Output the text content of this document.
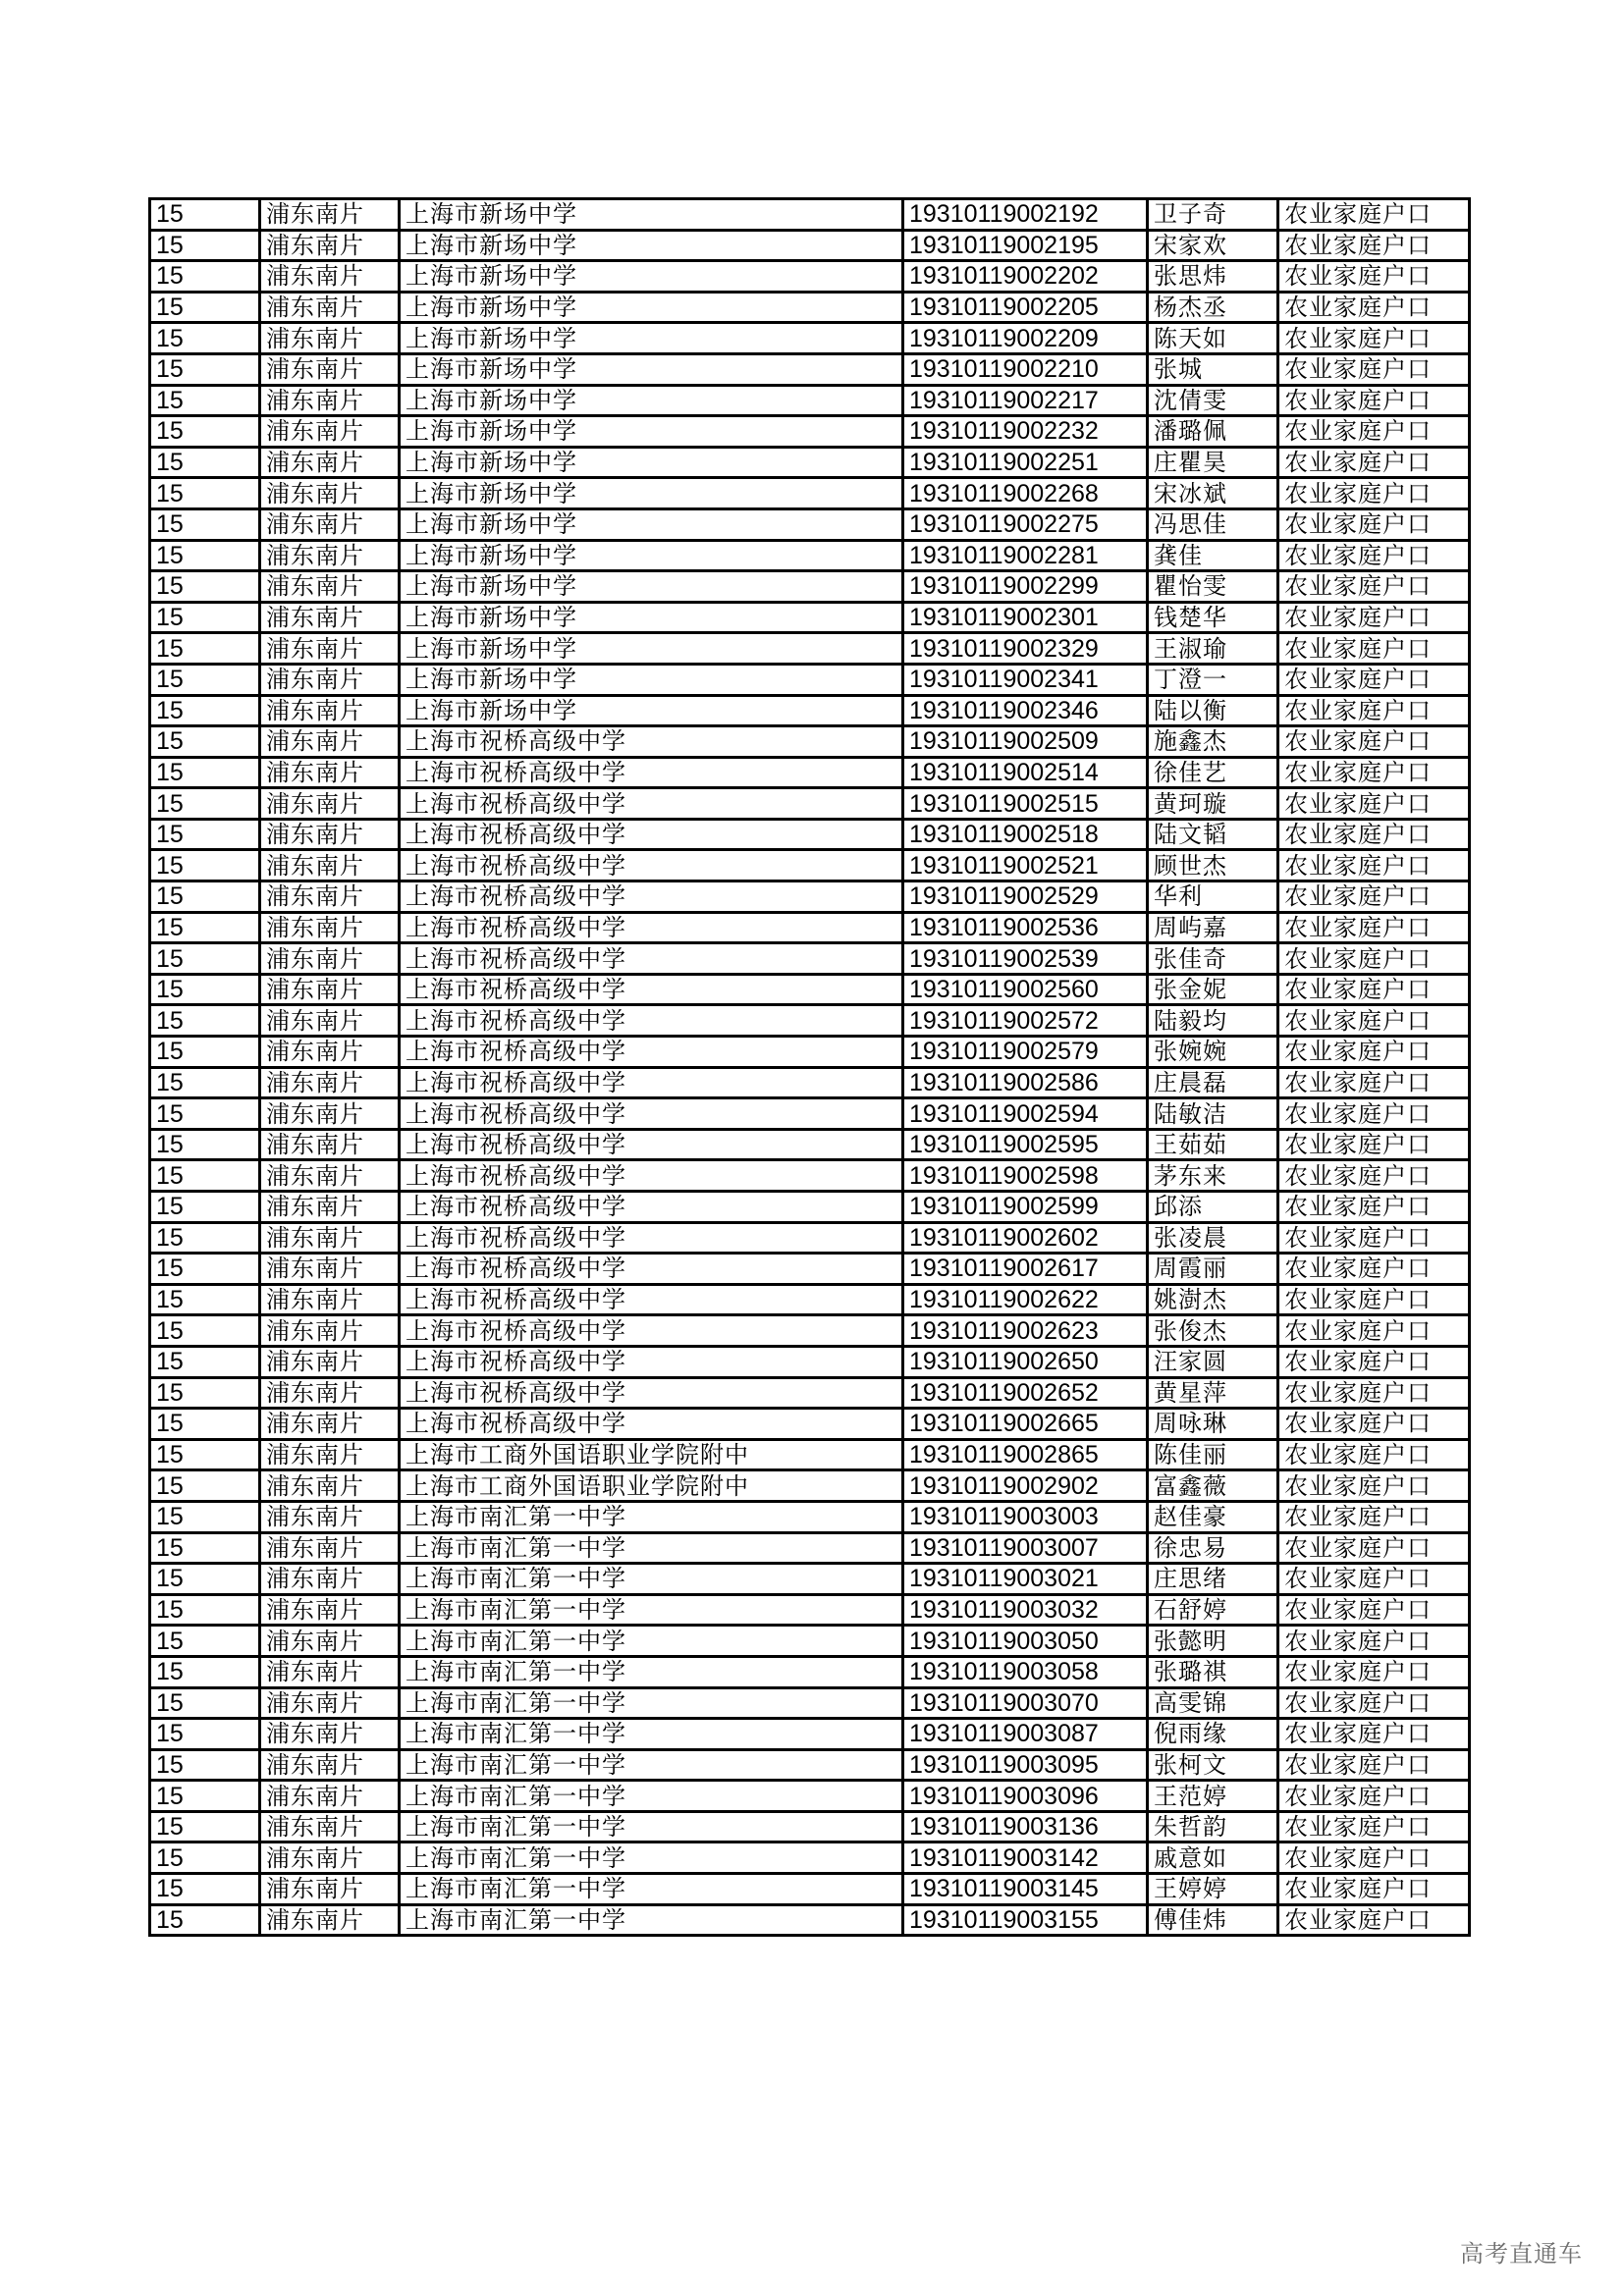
15	浦东南片	上海市新场中学	19310119002192	卫子奇	农业家庭户口
15	浦东南片	上海市新场中学	19310119002195	宋家欢	农业家庭户口
15	浦东南片	上海市新场中学	19310119002202	张思炜	农业家庭户口
15	浦东南片	上海市新场中学	19310119002205	杨杰丞	农业家庭户口
15	浦东南片	上海市新场中学	19310119002209	陈天如	农业家庭户口
15	浦东南片	上海市新场中学	19310119002210	张城	农业家庭户口
15	浦东南片	上海市新场中学	19310119002217	沈倩雯	农业家庭户口
15	浦东南片	上海市新场中学	19310119002232	潘璐佩	农业家庭户口
15	浦东南片	上海市新场中学	19310119002251	庄瞿昊	农业家庭户口
15	浦东南片	上海市新场中学	19310119002268	宋冰斌	农业家庭户口
15	浦东南片	上海市新场中学	19310119002275	冯思佳	农业家庭户口
15	浦东南片	上海市新场中学	19310119002281	龚佳	农业家庭户口
15	浦东南片	上海市新场中学	19310119002299	瞿怡雯	农业家庭户口
15	浦东南片	上海市新场中学	19310119002301	钱楚华	农业家庭户口
15	浦东南片	上海市新场中学	19310119002329	王淑瑜	农业家庭户口
15	浦东南片	上海市新场中学	19310119002341	丁澄一	农业家庭户口
15	浦东南片	上海市新场中学	19310119002346	陆以衡	农业家庭户口
15	浦东南片	上海市祝桥高级中学	19310119002509	施鑫杰	农业家庭户口
15	浦东南片	上海市祝桥高级中学	19310119002514	徐佳艺	农业家庭户口
15	浦东南片	上海市祝桥高级中学	19310119002515	黄珂璇	农业家庭户口
15	浦东南片	上海市祝桥高级中学	19310119002518	陆文韬	农业家庭户口
15	浦东南片	上海市祝桥高级中学	19310119002521	顾世杰	农业家庭户口
15	浦东南片	上海市祝桥高级中学	19310119002529	华利	农业家庭户口
15	浦东南片	上海市祝桥高级中学	19310119002536	周屿嘉	农业家庭户口
15	浦东南片	上海市祝桥高级中学	19310119002539	张佳奇	农业家庭户口
15	浦东南片	上海市祝桥高级中学	19310119002560	张金妮	农业家庭户口
15	浦东南片	上海市祝桥高级中学	19310119002572	陆毅均	农业家庭户口
15	浦东南片	上海市祝桥高级中学	19310119002579	张婉婉	农业家庭户口
15	浦东南片	上海市祝桥高级中学	19310119002586	庄晨磊	农业家庭户口
15	浦东南片	上海市祝桥高级中学	19310119002594	陆敏洁	农业家庭户口
15	浦东南片	上海市祝桥高级中学	19310119002595	王茹茹	农业家庭户口
15	浦东南片	上海市祝桥高级中学	19310119002598	茅东来	农业家庭户口
15	浦东南片	上海市祝桥高级中学	19310119002599	邱添	农业家庭户口
15	浦东南片	上海市祝桥高级中学	19310119002602	张凌晨	农业家庭户口
15	浦东南片	上海市祝桥高级中学	19310119002617	周霞丽	农业家庭户口
15	浦东南片	上海市祝桥高级中学	19310119002622	姚澍杰	农业家庭户口
15	浦东南片	上海市祝桥高级中学	19310119002623	张俊杰	农业家庭户口
15	浦东南片	上海市祝桥高级中学	19310119002650	汪家圆	农业家庭户口
15	浦东南片	上海市祝桥高级中学	19310119002652	黄星萍	农业家庭户口
15	浦东南片	上海市祝桥高级中学	19310119002665	周咏琳	农业家庭户口
15	浦东南片	上海市工商外国语职业学院附中	19310119002865	陈佳丽	农业家庭户口
15	浦东南片	上海市工商外国语职业学院附中	19310119002902	富鑫薇	农业家庭户口
15	浦东南片	上海市南汇第一中学	19310119003003	赵佳豪	农业家庭户口
15	浦东南片	上海市南汇第一中学	19310119003007	徐忠易	农业家庭户口
15	浦东南片	上海市南汇第一中学	19310119003021	庄思绪	农业家庭户口
15	浦东南片	上海市南汇第一中学	19310119003032	石舒婷	农业家庭户口
15	浦东南片	上海市南汇第一中学	19310119003050	张懿明	农业家庭户口
15	浦东南片	上海市南汇第一中学	19310119003058	张璐祺	农业家庭户口
15	浦东南片	上海市南汇第一中学	19310119003070	高雯锦	农业家庭户口
15	浦东南片	上海市南汇第一中学	19310119003087	倪雨缘	农业家庭户口
15	浦东南片	上海市南汇第一中学	19310119003095	张柯文	农业家庭户口
15	浦东南片	上海市南汇第一中学	19310119003096	王范婷	农业家庭户口
15	浦东南片	上海市南汇第一中学	19310119003136	朱哲韵	农业家庭户口
15	浦东南片	上海市南汇第一中学	19310119003142	戚意如	农业家庭户口
15	浦东南片	上海市南汇第一中学	19310119003145	王婷婷	农业家庭户口
15	浦东南片	上海市南汇第一中学	19310119003155	傅佳炜	农业家庭户口
高考直通车
